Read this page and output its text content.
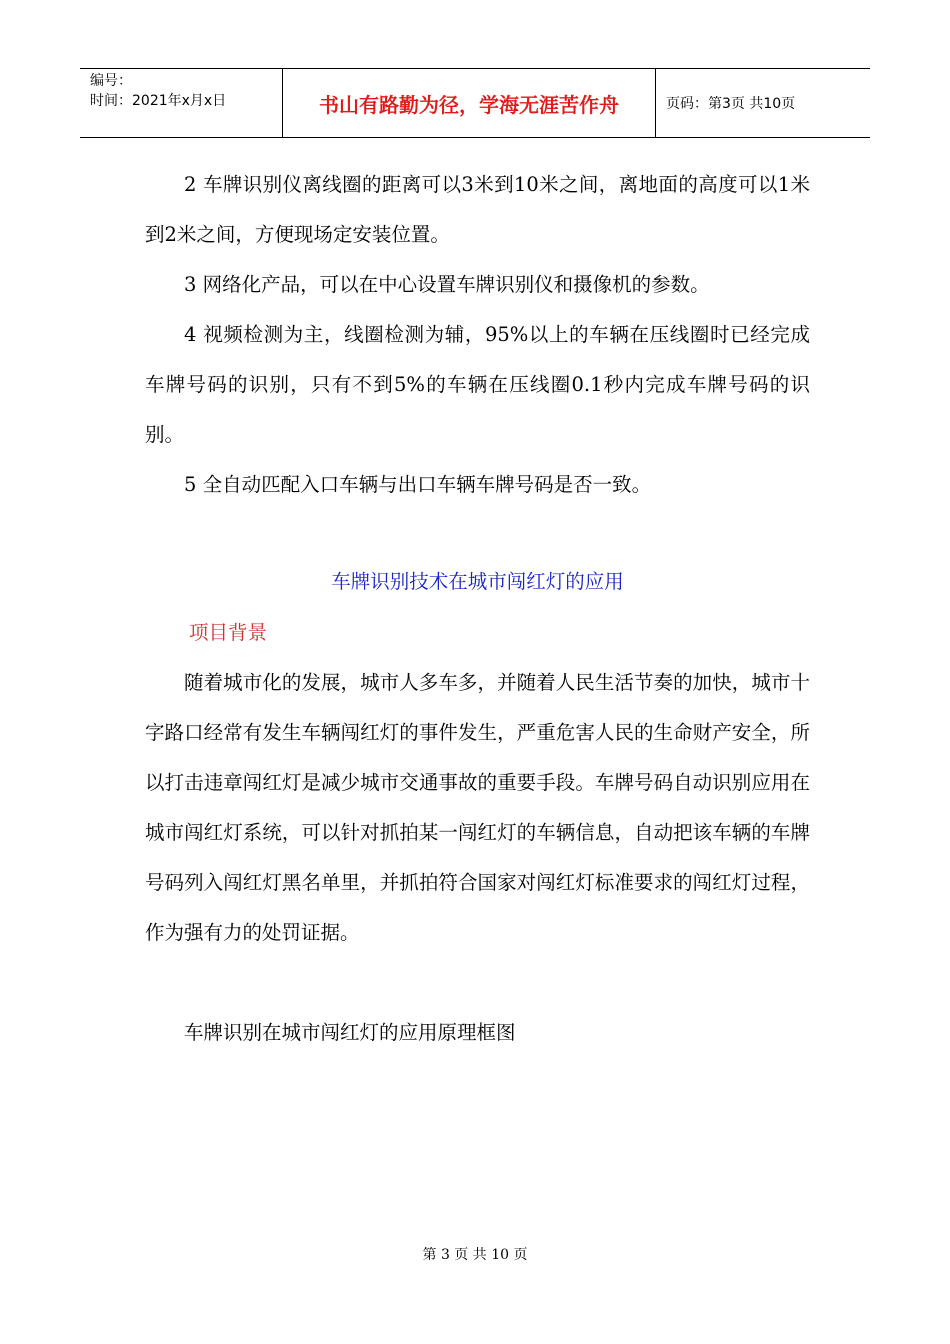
编号：
时间：2021年x月x日	书山有路勤为径，学海无涯苦作舟	页码：第3页 共10页

2 车牌识别仪离线圈的距离可以3米到10米之间，离地面的高度可以1米到2米之间，方便现场定安装位置。

3 网络化产品，可以在中心设置车牌识别仪和摄像机的参数。

4 视频检测为主，线圈检测为辅，95%以上的车辆在压线圈时已经完成车牌号码的识别，只有不到5%的车辆在压线圈0.1秒内完成车牌号码的识别。

5 全自动匹配入口车辆与出口车辆车牌号码是否一致。

车牌识别技术在城市闯红灯的应用
项目背景

随着城市化的发展，城市人多车多，并随着人民生活节奏的加快，城市十字路口经常有发生车辆闯红灯的事件发生，严重危害人民的生命财产安全，所以打击违章闯红灯是减少城市交通事故的重要手段。车牌号码自动识别应用在城市闯红灯系统，可以针对抓拍某一闯红灯的车辆信息，自动把该车辆的车牌号码列入闯红灯黑名单里，并抓拍符合国家对闯红灯标准要求的闯红灯过程，作为强有力的处罚证据。

车牌识别在城市闯红灯的应用原理框图

第 3 页 共 10 页
